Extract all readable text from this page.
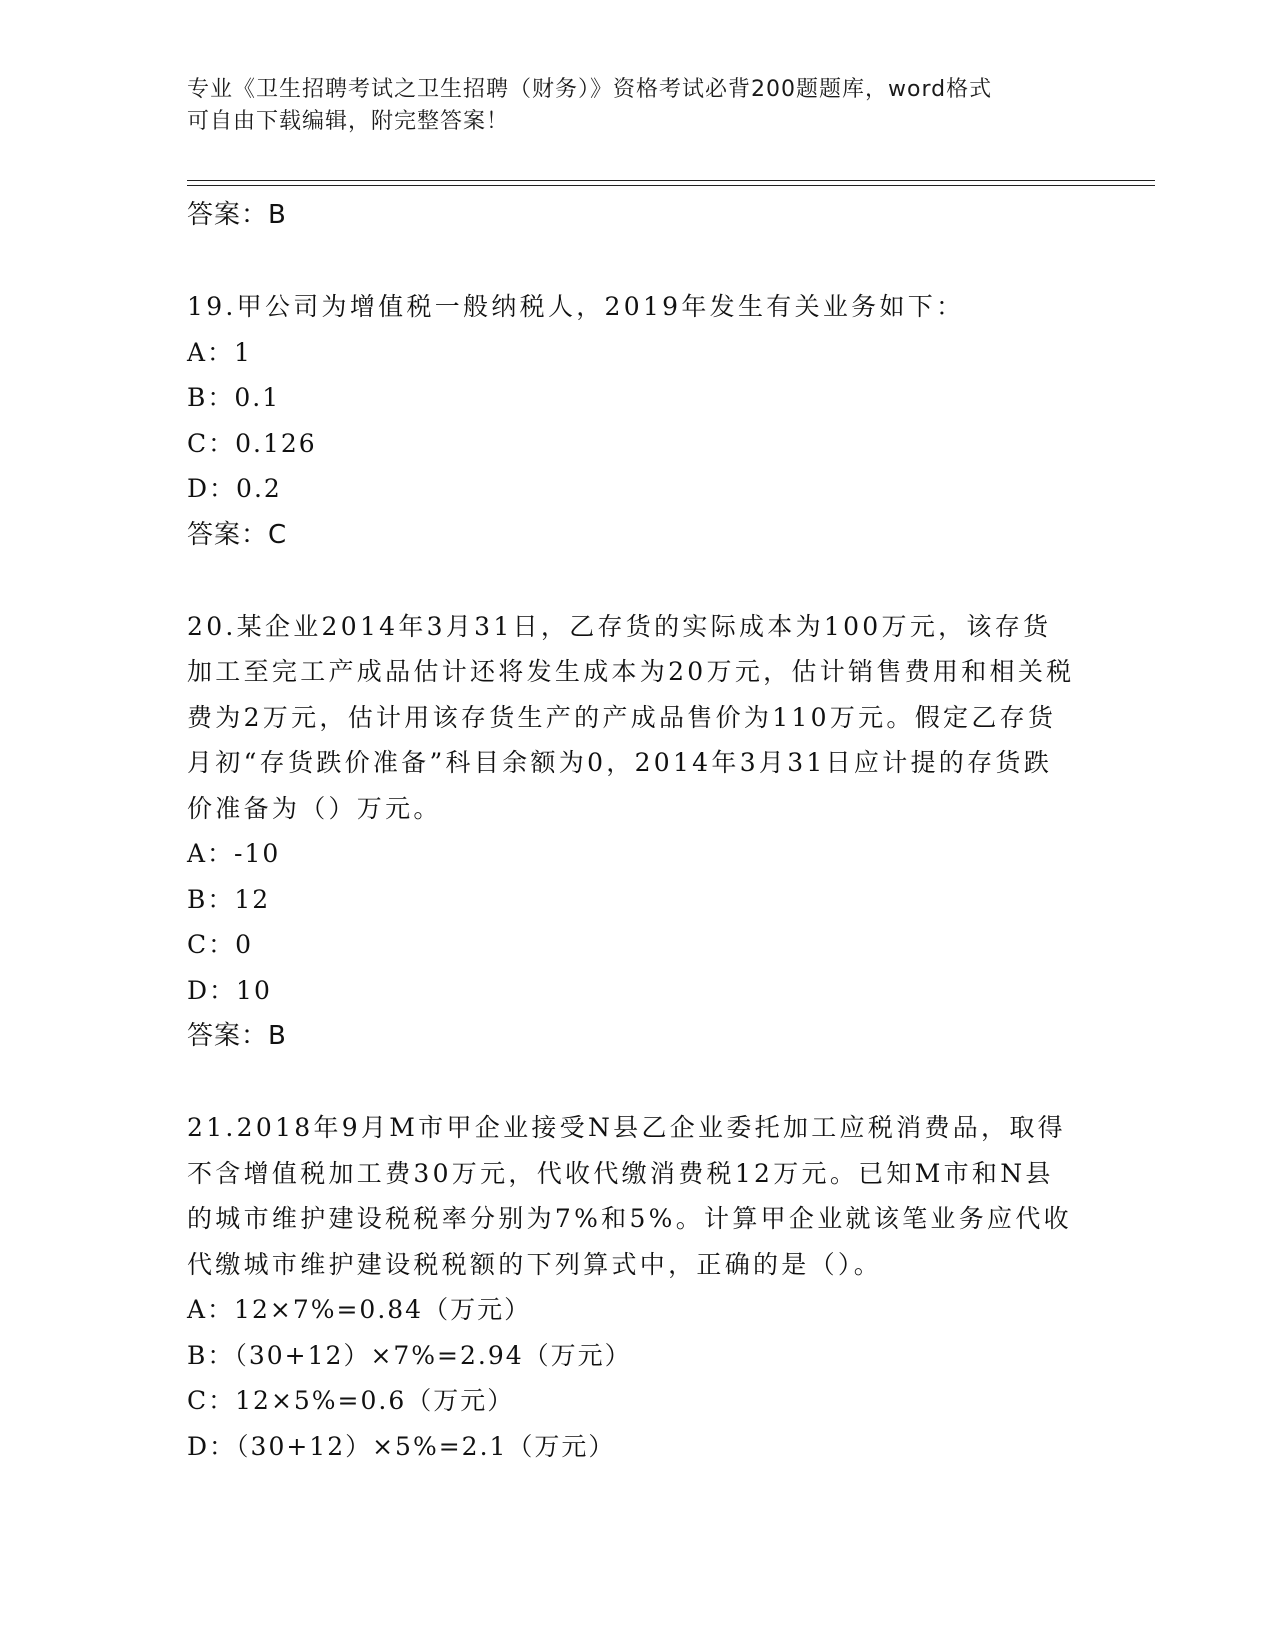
专业《卫生招聘考试之卫生招聘（财务）》资格考试必背200题题库，word格式
可自由下载编辑，附完整答案！

答案：B

19.甲公司为增值税一般纳税人，2019年发生有关业务如下：

A：1

B：0.1

C：0.126

D：0.2

答案：C

20.某企业2014年3月31日，乙存货的实际成本为100万元，该存货加工至完工产成品估计还将发生成本为20万元，估计销售费用和相关税费为2万元，估计用该存货生产的产成品售价为110万元。假定乙存货月初“存货跌价准备”科目余额为0，2014年3月31日应计提的存货跌价准备为（）万元。

A：-10

B：12

C：0

D：10

答案：B

21.2018年9月M市甲企业接受N县乙企业委托加工应税消费品，取得不含增值税加工费30万元，代收代缴消费税12万元。已知M市和N县的城市维护建设税税率分别为7%和5%。计算甲企业就该笔业务应代收代缴城市维护建设税税额的下列算式中，正确的是（）。

A：12×7%=0.84（万元）

B：（30+12）×7%=2.94（万元）

C：12×5%=0.6（万元）

D：（30+12）×5%=2.1（万元）
